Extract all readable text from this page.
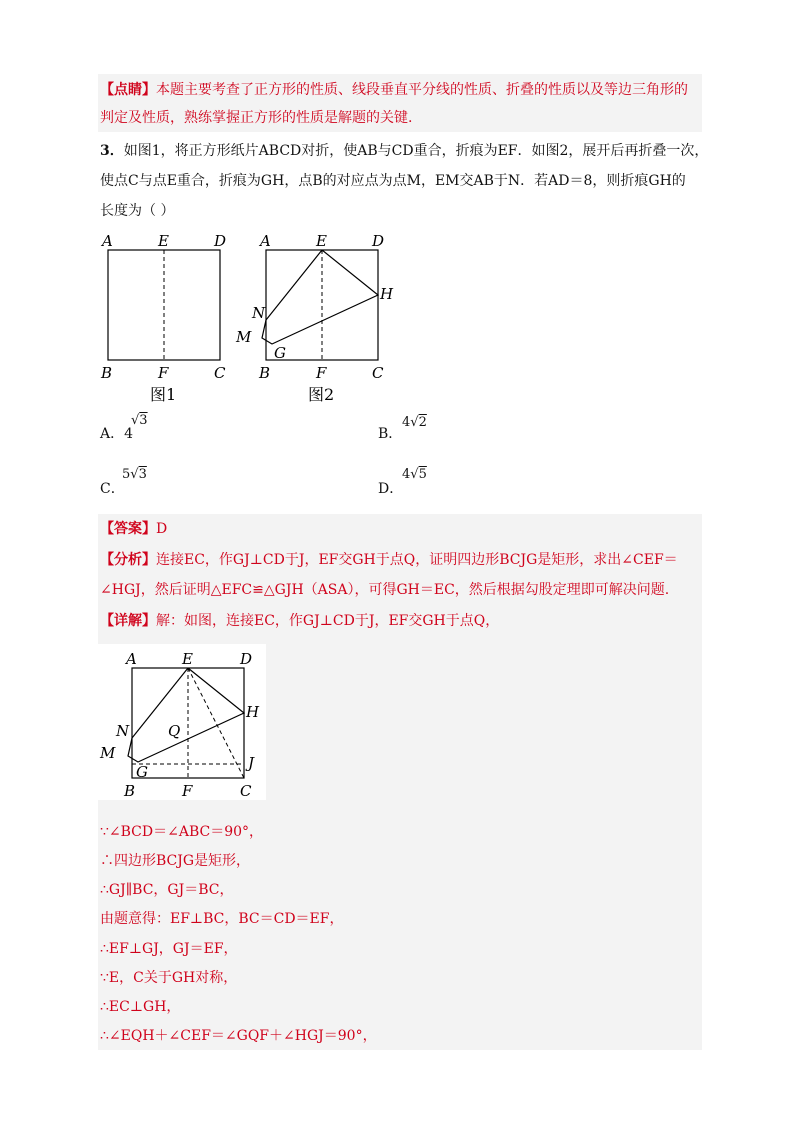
【点睛】本题主要考查了正方形的性质、线段垂直平分线的性质、折叠的性质以及等边三角形的
判定及性质，熟练掌握正方形的性质是解题的关键.
3．如图1，将正方形纸片ABCD对折，使AB与CD重合，折痕为EF．如图2，展开后再折叠一次，
使点C与点E重合，折痕为GH，点B的对应点为点M，EM交AB于N．若AD＝8，则折痕GH的
长度为（ ）
A	E	D
B	F	C
图1
A	E	D
H
N
M
G
B	F	C
图2
A．4
√3
B．
4√2
C．
5√3
D．
4√5
【答案】D
【分析】连接EC，作GJ⊥CD于J，EF交GH于点Q，证明四边形BCJG是矩形，求出∠CEF＝
∠HGJ，然后证明△EFC≌△GJH（ASA），可得GH＝EC，然后根据勾股定理即可解决问题.
【详解】解：如图，连接EC，作GJ⊥CD于J，EF交GH于点Q，
A	E	D
H
Q
N
M
G	J
B	F	C
∵∠BCD＝∠ABC＝90°，
∴四边形BCJG是矩形，
∴GJ∥BC，GJ＝BC，
由题意得：EF⊥BC，BC＝CD＝EF，
∴EF⊥GJ，GJ＝EF，
∵E，C关于GH对称，
∴EC⊥GH，
∴∠EQH＋∠CEF＝∠GQF＋∠HGJ＝90°，
